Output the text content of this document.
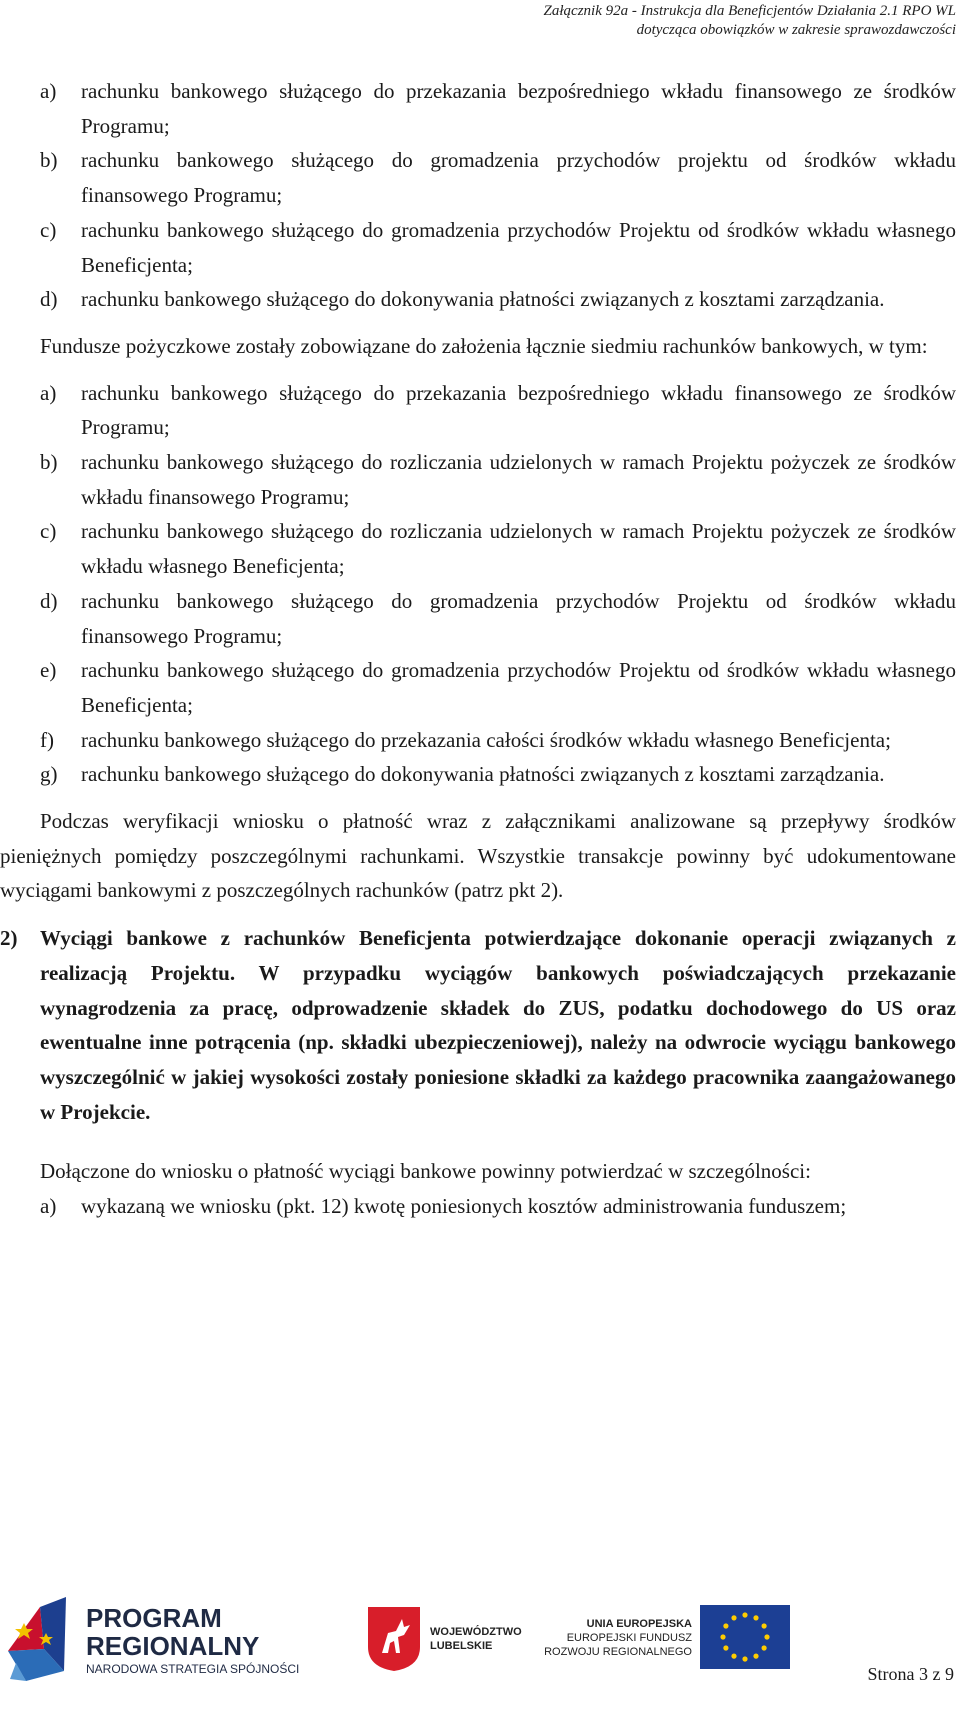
Załącznik 92a - Instrukcja dla Beneficjentów Działania 2.1 RPO WL
dotycząca obowiązków w zakresie sprawozdawczości
a) rachunku bankowego służącego do przekazania bezpośredniego wkładu finansowego ze środków Programu;
b) rachunku bankowego służącego do gromadzenia przychodów projektu od środków wkładu finansowego Programu;
c) rachunku bankowego służącego do gromadzenia przychodów Projektu od środków wkładu własnego Beneficjenta;
d) rachunku bankowego służącego do dokonywania płatności związanych z kosztami zarządzania.

Fundusze pożyczkowe zostały zobowiązane do założenia łącznie siedmiu rachunków bankowych, w tym:

a) rachunku bankowego służącego do przekazania bezpośredniego wkładu finansowego ze środków Programu;
b) rachunku bankowego służącego do rozliczania udzielonych w ramach Projektu pożyczek ze środków wkładu finansowego Programu;
c) rachunku bankowego służącego do rozliczania udzielonych w ramach Projektu pożyczek ze środków wkładu własnego Beneficjenta;
d) rachunku bankowego służącego do gromadzenia przychodów Projektu od środków wkładu finansowego Programu;
e) rachunku bankowego służącego do gromadzenia przychodów Projektu od środków wkładu własnego Beneficjenta;
f) rachunku bankowego służącego do przekazania całości środków wkładu własnego Beneficjenta;
g) rachunku bankowego służącego do dokonywania płatności związanych z kosztami zarządzania.

Podczas weryfikacji wniosku o płatność wraz z załącznikami analizowane są przepływy środków pieniężnych pomiędzy poszczególnymi rachunkami. Wszystkie transakcje powinny być udokumentowane wyciągami bankowymi z poszczególnych rachunków (patrz pkt 2).

2) Wyciągi bankowe z rachunków Beneficjenta potwierdzające dokonanie operacji związanych z realizacją Projektu. W przypadku wyciągów bankowych poświadczających przekazanie wynagrodzenia za pracę, odprowadzenie składek do ZUS, podatku dochodowego do US oraz ewentualne inne potrącenia (np. składki ubezpieczeniowej), należy na odwrocie wyciągu bankowego wyszczególnić w jakiej wysokości zostały poniesione składki za każdego pracownika zaangażowanego w Projekcie.

Dołączone do wniosku o płatność wyciągi bankowe powinny potwierdzać w szczególności:

a) wykazaną we wniosku (pkt. 12) kwotę poniesionych kosztów administrowania funduszem;
PROGRAM
REGIONALNY
NARODOWA STRATEGIA SPÓJNOŚCI
WOJEWÓDZTWO
LUBELSKIE
UNIA EUROPEJSKA
EUROPEJSKI FUNDUSZ
ROZWOJU REGIONALNEGO
Strona 3 z 9
